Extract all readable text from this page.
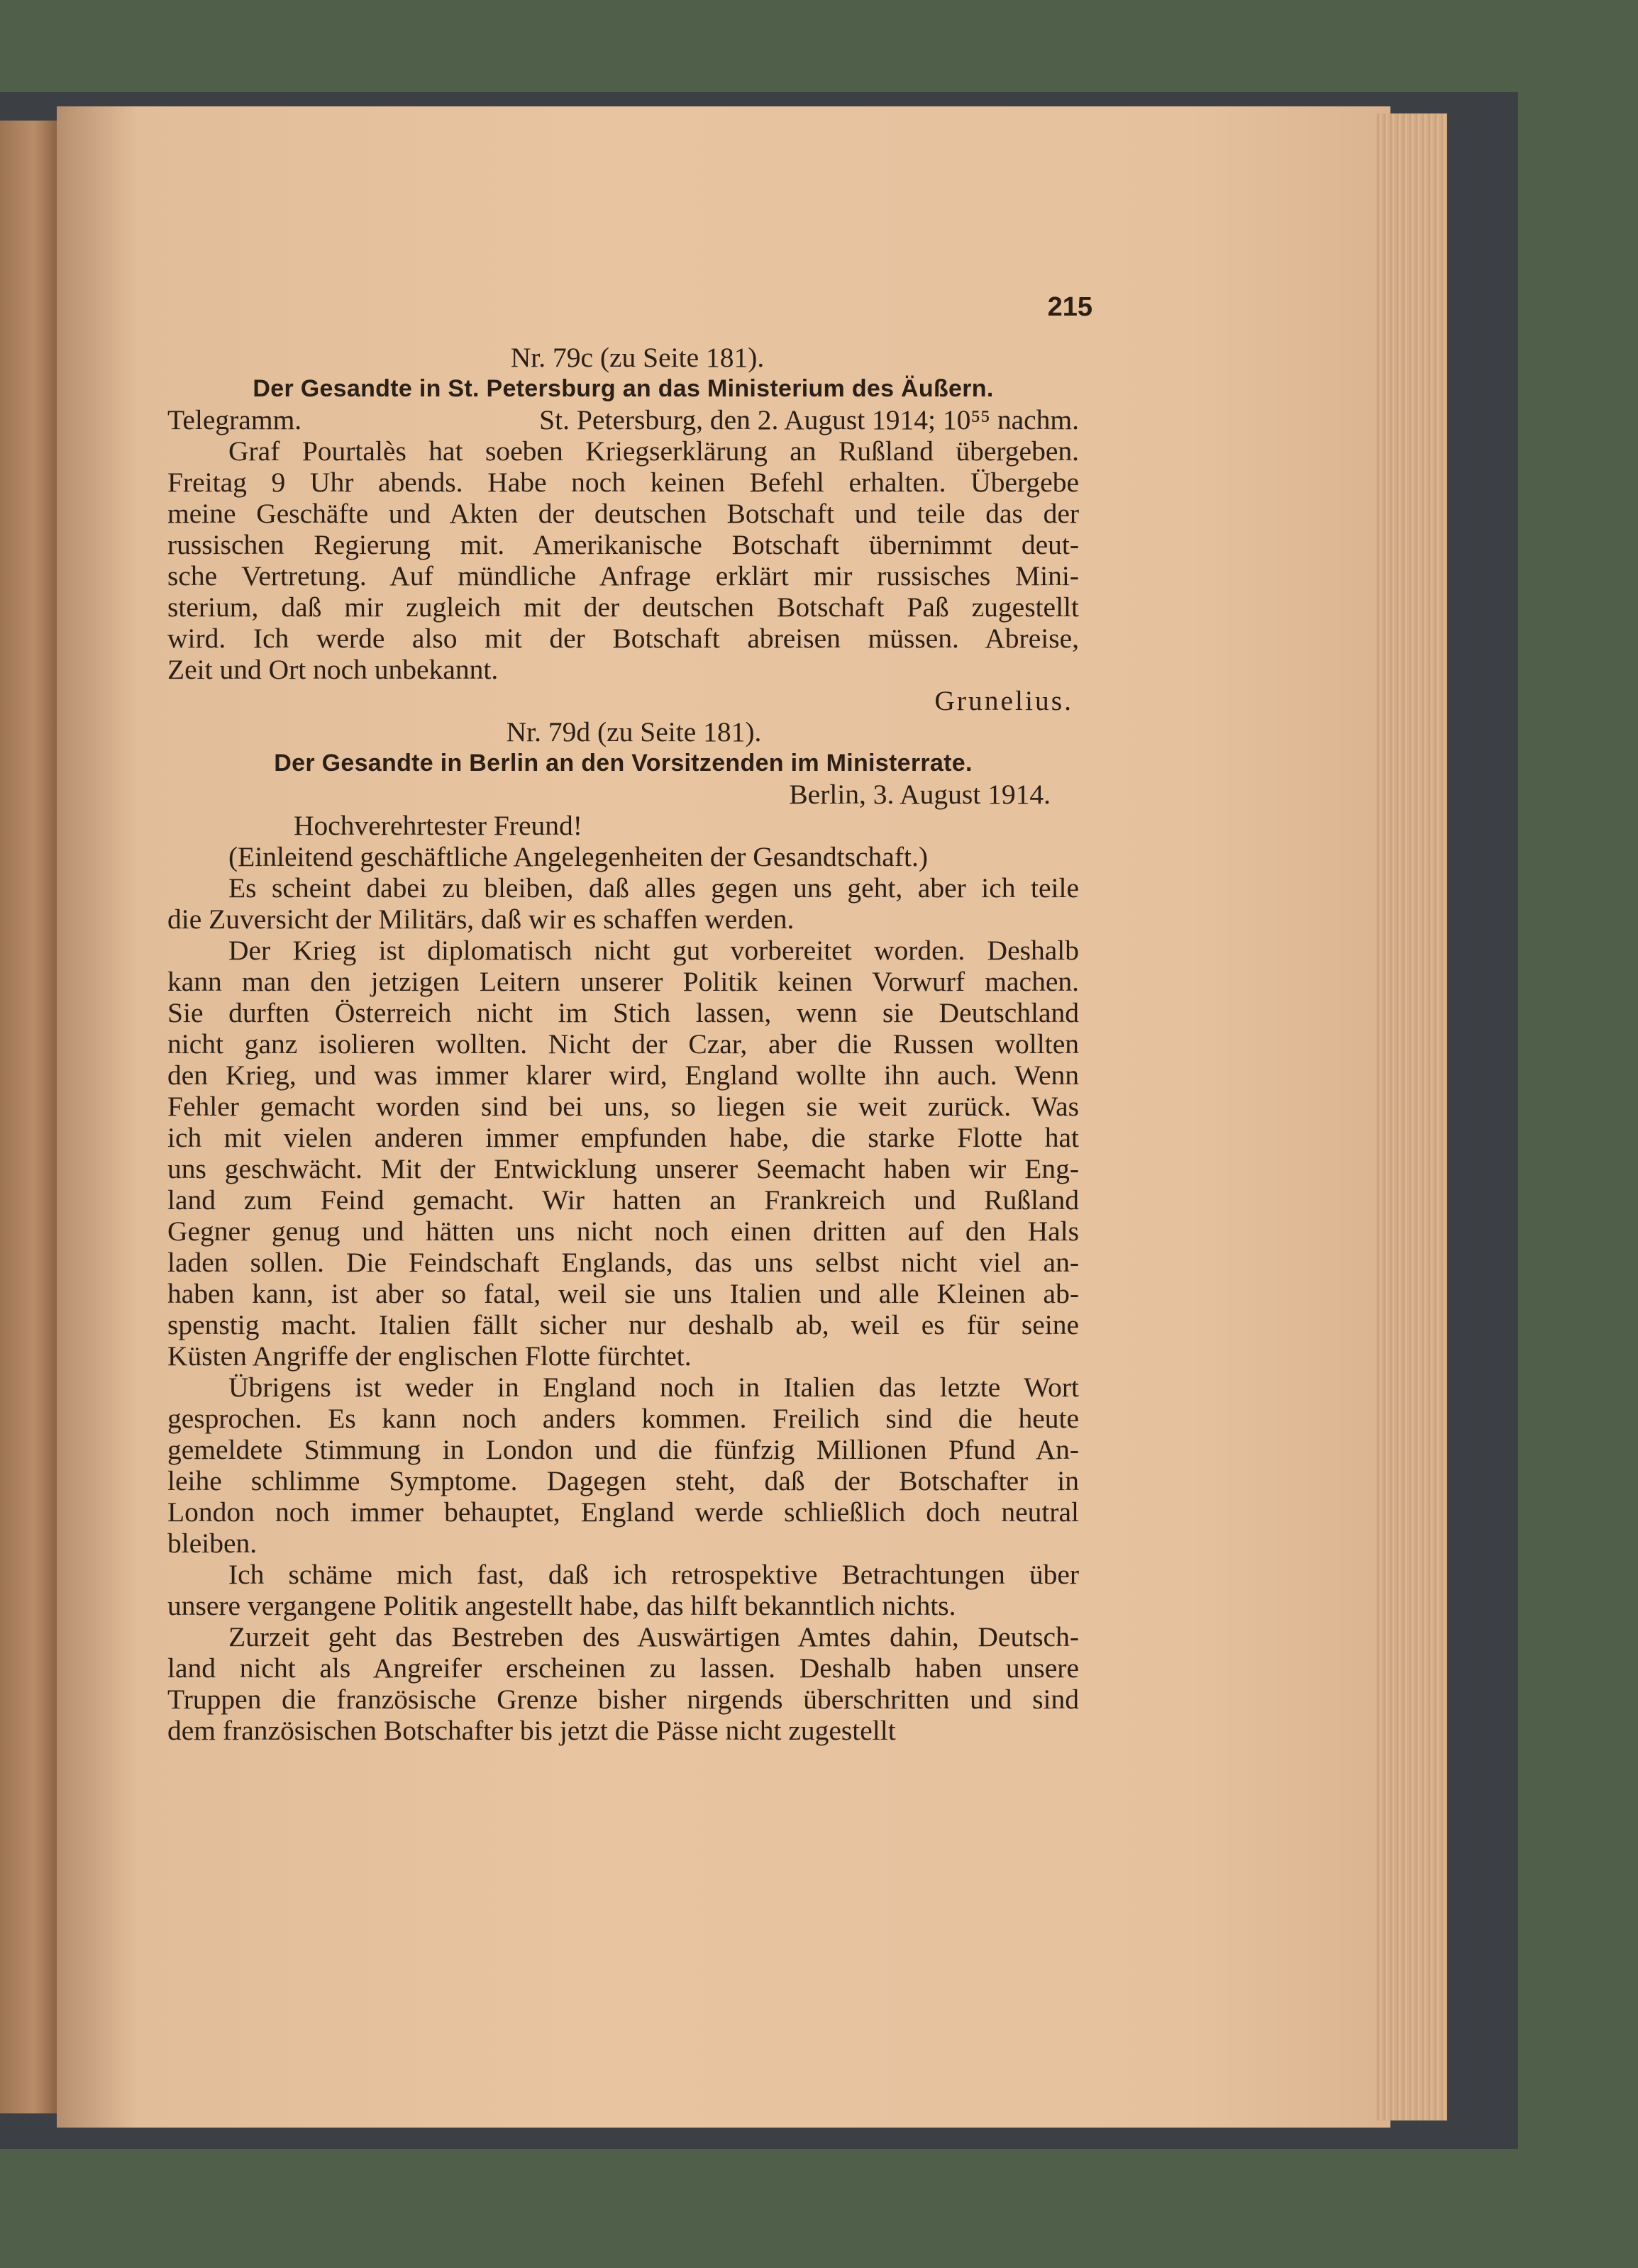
215
Nr. 79c (zu Seite 181).
Der Gesandte in St. Petersburg an das Ministerium des Äußern.
Telegramm.	St. Petersburg, den 2. August 1914; 10⁵⁵ nachm.
Graf Pourtalès hat soeben Kriegserklärung an Rußland übergeben.
Freitag 9 Uhr abends. Habe noch keinen Befehl erhalten. Übergebe
meine Geschäfte und Akten der deutschen Botschaft und teile das der
russischen Regierung mit. Amerikanische Botschaft übernimmt deut-
sche Vertretung. Auf mündliche Anfrage erklärt mir russisches Mini-
sterium, daß mir zugleich mit der deutschen Botschaft Paß zugestellt
wird. Ich werde also mit der Botschaft abreisen müssen. Abreise,
Zeit und Ort noch unbekannt.
Grunelius.
Nr. 79d (zu Seite 181).
Der Gesandte in Berlin an den Vorsitzenden im Ministerrate.
Berlin, 3. August 1914.
Hochverehrtester Freund!
(Einleitend geschäftliche Angelegenheiten der Gesandtschaft.)
Es scheint dabei zu bleiben, daß alles gegen uns geht, aber ich teile
die Zuversicht der Militärs, daß wir es schaffen werden.
Der Krieg ist diplomatisch nicht gut vorbereitet worden. Deshalb
kann man den jetzigen Leitern unserer Politik keinen Vorwurf machen.
Sie durften Österreich nicht im Stich lassen, wenn sie Deutschland
nicht ganz isolieren wollten. Nicht der Czar, aber die Russen wollten
den Krieg, und was immer klarer wird, England wollte ihn auch. Wenn
Fehler gemacht worden sind bei uns, so liegen sie weit zurück. Was
ich mit vielen anderen immer empfunden habe, die starke Flotte hat
uns geschwächt. Mit der Entwicklung unserer Seemacht haben wir Eng-
land zum Feind gemacht. Wir hatten an Frankreich und Rußland
Gegner genug und hätten uns nicht noch einen dritten auf den Hals
laden sollen. Die Feindschaft Englands, das uns selbst nicht viel an-
haben kann, ist aber so fatal, weil sie uns Italien und alle Kleinen ab-
spenstig macht. Italien fällt sicher nur deshalb ab, weil es für seine
Küsten Angriffe der englischen Flotte fürchtet.
Übrigens ist weder in England noch in Italien das letzte Wort
gesprochen. Es kann noch anders kommen. Freilich sind die heute
gemeldete Stimmung in London und die fünfzig Millionen Pfund An-
leihe schlimme Symptome. Dagegen steht, daß der Botschafter in
London noch immer behauptet, England werde schließlich doch neutral
bleiben.
Ich schäme mich fast, daß ich retrospektive Betrachtungen über
unsere vergangene Politik angestellt habe, das hilft bekanntlich nichts.
Zurzeit geht das Bestreben des Auswärtigen Amtes dahin, Deutsch-
land nicht als Angreifer erscheinen zu lassen. Deshalb haben unsere
Truppen die französische Grenze bisher nirgends überschritten und sind
dem französischen Botschafter bis jetzt die Pässe nicht zugestellt
